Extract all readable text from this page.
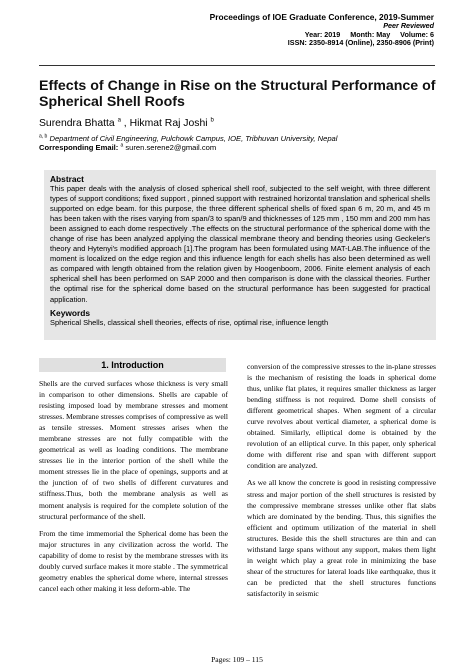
Proceedings of IOE Graduate Conference, 2019-Summer
Peer Reviewed
Year: 2019     Month: May     Volume: 6
ISSN: 2350-8914 (Online), 2350-8906 (Print)
Effects of Change in Rise on the Structural Performance of Spherical Shell Roofs
Surendra Bhatta $^a$ , Hikmat Raj Joshi $^b$
$^{a, b}$ Department of Civil Engineering, Pulchowk Campus, IOE, Tribhuvan University, Nepal
Corresponding Email: $^a$ suren.serene2@gmail.com
Abstract
This paper deals with the analysis of closed spherical shell roof, subjected to the self weight, with three different types of support conditions; fixed support , pinned support with restrained horizontal translation and spherical shells supported on edge beam. for this purpose, the three different spherical shells of fixed span 6 m, 20 m, and 45 m has been taken with the rises varying from span/3 to span/9 and thicknesses of 125 mm , 150 mm and 200 mm has been assigned to each dome respectively .The effects on the structural performance of the spherical dome with the change of rise has been analyzed applying the classical membrane theory and bending theories using Geckeler's theory and Hytenyi's modified approach [1].The program has been formulated using MAT-LAB.The influence of the moment is localized on the edge region and this influence length for each shells has also been determined as well as compared with length obtained from the relation given by Hoogenboom, 2006. Finite element analysis of each spherical shell has been performed on SAP 2000 and then comparison is done with the classical theories. Further the optimal rise for the spherical dome based on the structural performance has been suggested for practical application.
Keywords
Spherical Shells, classical shell theories, effects of rise, optimal rise, influence length
1. Introduction

Shells are the curved surfaces whose thickness is very small in comparison to other dimensions. Shells are capable of resisting imposed load by membrane stresses and moment stresses. Membrane stresses comprises of compressive as well as tensile stresses. Moment stresses arises when the membrane stresses are not fully compatible with the geometrical as well as loading conditions. The membrane stresses lie in the interior portion of the shell while the moment stresses lie in the place of openings, supports and at the junction of of two shells of different curvatures and stiffness.Thus, both the membrane analysis as well as moment analysis is required for the complete solution of the structural performance of the shell.

From the time immemorial the Spherical dome has been the major structures in any civilization across the world. The capability of dome to resist by the membrane stresses with its doubly curved surface makes it more stable . The symmetrical geometry enables the spherical dome where, internal stresses cancel each other making it less deform-able. The

conversion of the compressive stresses to the in-plane stresses is the mechanism of resisting the loads in spherical dome thus, unlike flat plates, it requires smaller thickness as larger bending stiffness is not required. Dome shell consists of different geometrical shapes. When segment of a circular curve revolves about vertical diameter, a spherical dome is obtained. Similarly, elliptical dome is obtained by the revolution of an elliptical curve. In this paper, only spherical dome with different rise and span with different support condition are analyzed.

As we all know the concrete is good in resisting compressive stress and major portion of the shell structures is resisted by the compressive membrane stresses unlike other flat slabs which are dominated by the bending. Thus, this signifies the efficient and optimum utilization of the material in shell structures. Beside this the shell structures are thin and can withstand large spans without any support, makes them light in weight which play a great role in minimizing the base shear of the structures for lateral loads like earthquake, thus it can be predicted that the shell structures functions satisfactorily in seismic

Pages: 109 – 115
